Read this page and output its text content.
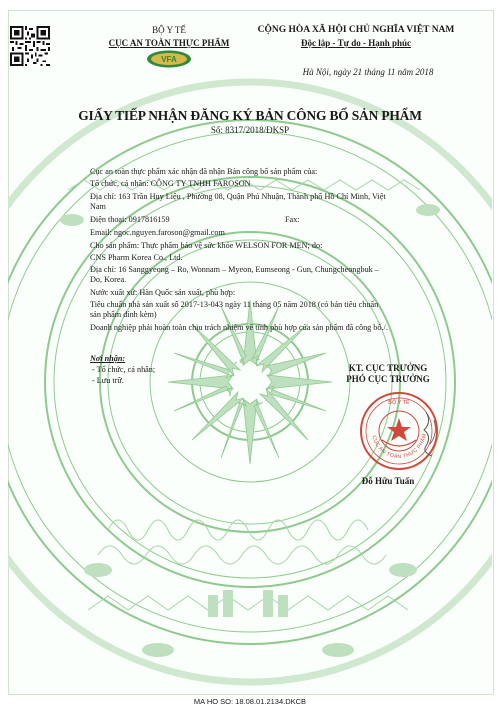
BỘ Y TẾ
CỤC AN TOÀN THỰC PHẨM
VFA
CỘNG HÒA XÃ HỘI CHỦ NGHĨA VIỆT NAM
Độc lập - Tự do - Hạnh phúc
Hà Nội, ngày 21 tháng 11 năm 2018
GIẤY TIẾP NHẬN ĐĂNG KÝ BẢN CÔNG BỐ SẢN PHẨM
Số: 8317/2018/ĐKSP
Cục an toàn thực phẩm xác nhận đã nhận Bản công bố sản phẩm của:
Tổ chức, cá nhân: CÔNG TY TNHH FAROSON
Địa chỉ: 163 Trần Huy Liệu , Phường 08, Quận Phú Nhuận, Thành phố Hồ Chí Minh, Việt
Nam
Điện thoại: 0917816159	Fax:
Email: ngoc.nguyen.faroson@gmail.com
Cho sản phẩm: Thực phẩm bảo vệ sức khỏe WELSON FOR MEN; do:
CNS Pharm Korea Co., Ltd.
Địa chỉ: 16 Sanggyeong – Ro, Wonnam – Myeon, Eumseong - Gun, Chungcheongbuk –
Do, Korea.
Nước xuất xứ: Hàn Quốc sản xuất, phù hợp:
Tiêu chuẩn nhà sản xuất số 2017-13-043 ngày 11 tháng 05 năm 2018 (có bản tiêu chuẩn
sản phẩm đính kèm)
Doanh nghiệp phải hoàn toàn chịu trách nhiệm về tính phù hợp của sản phẩm đã công bố./.
Nơi nhận:
- Tổ chức, cá nhân;
- Lưu trữ.
KT. CỤC TRƯỞNG
PHÓ CỤC TRƯỞNG
BỘ Y TẾ
CỤC AN TOÀN THỰC PHẨM
Đỗ Hữu Tuấn
MA HO SO: 18.08.01.2134.DKCB
